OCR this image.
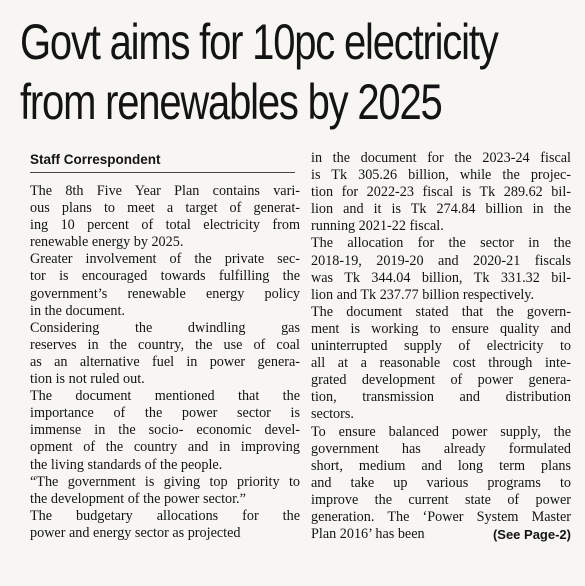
Govt aims for 10pc electricity
from renewables by 2025
Staff Correspondent
The 8th Five Year Plan contains vari-
ous plans to meet a target of generat-
ing 10 percent of total electricity from
renewable energy by 2025.
Greater involvement of the private sec-
tor is encouraged towards fulfilling the
government’s renewable energy policy
in the document.
Considering the dwindling gas
reserves in the country, the use of coal
as an alternative fuel in power genera-
tion is not ruled out.
The document mentioned that the
importance of the power sector is
immense in the socio- economic devel-
opment of the country and in improving
the living standards of the people.
“The government is giving top priority to
the development of the power sector.”
The budgetary allocations for the
power and energy sector as projected
in the document for the 2023-24 fiscal
is Tk 305.26 billion, while the projec-
tion for 2022-23 fiscal is Tk 289.62 bil-
lion and it is Tk 274.84 billion in the
running 2021-22 fiscal.
The allocation for the sector in the
2018-19, 2019-20 and 2020-21 fiscals
was Tk 344.04 billion, Tk 331.32 bil-
lion and Tk 237.77 billion respectively.
The document stated that the govern-
ment is working to ensure quality and
uninterrupted supply of electricity to
all at a reasonable cost through inte-
grated development of power genera-
tion, transmission and distribution
sectors.
To ensure balanced power supply, the
government has already formulated
short, medium and long term plans
and take up various programs to
improve the current state of power
generation. The ‘Power System Master
Plan 2016’ has been	(See Page-2)
